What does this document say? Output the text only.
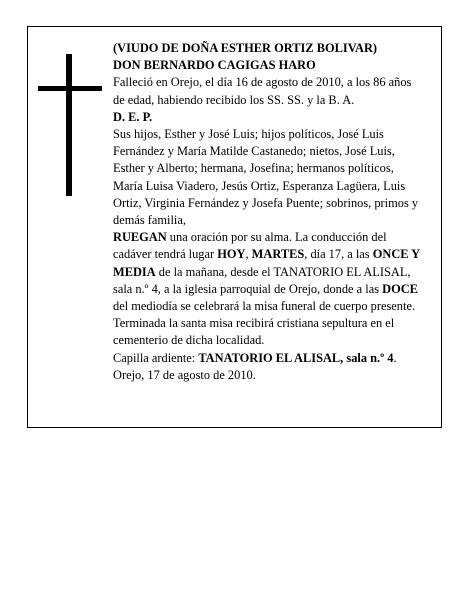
(VIUDO DE DOÑA ESTHER ORTIZ BOLIVAR)

DON BERNARDO CAGIGAS HARO

Falleció en Orejo, el día 16 de agosto de 2010, a los 86 años de edad, habiendo recibido los SS. SS. y la B. A.

D. E. P.

Sus hijos, Esther y José Luis; hijos políticos, José Luis Fernández y María Matilde Castanedo; nietos, José Luis, Esther y Alberto; hermana, Josefina; hermanos políticos, María Luisa Viadero, Jesús Ortiz, Esperanza Lagüera, Luis Ortiz, Virginia Fernández y Josefa Puente; sobrinos, primos y demás familia,

RUEGAN una oración por su alma. La conducción del cadáver tendrá lugar HOY, MARTES, día 17, a las ONCE Y MEDIA de la mañana, desde el TANATORIO EL ALISAL, sala n.º 4, a la iglesia parroquial de Orejo, donde a las DOCE del mediodía se celebrará la misa funeral de cuerpo presente. Terminada la santa misa recibirá cristiana sepultura en el cementerio de dicha localidad.

Capilla ardiente: TANATORIO EL ALISAL, sala n.º 4.

Orejo, 17 de agosto de 2010.
